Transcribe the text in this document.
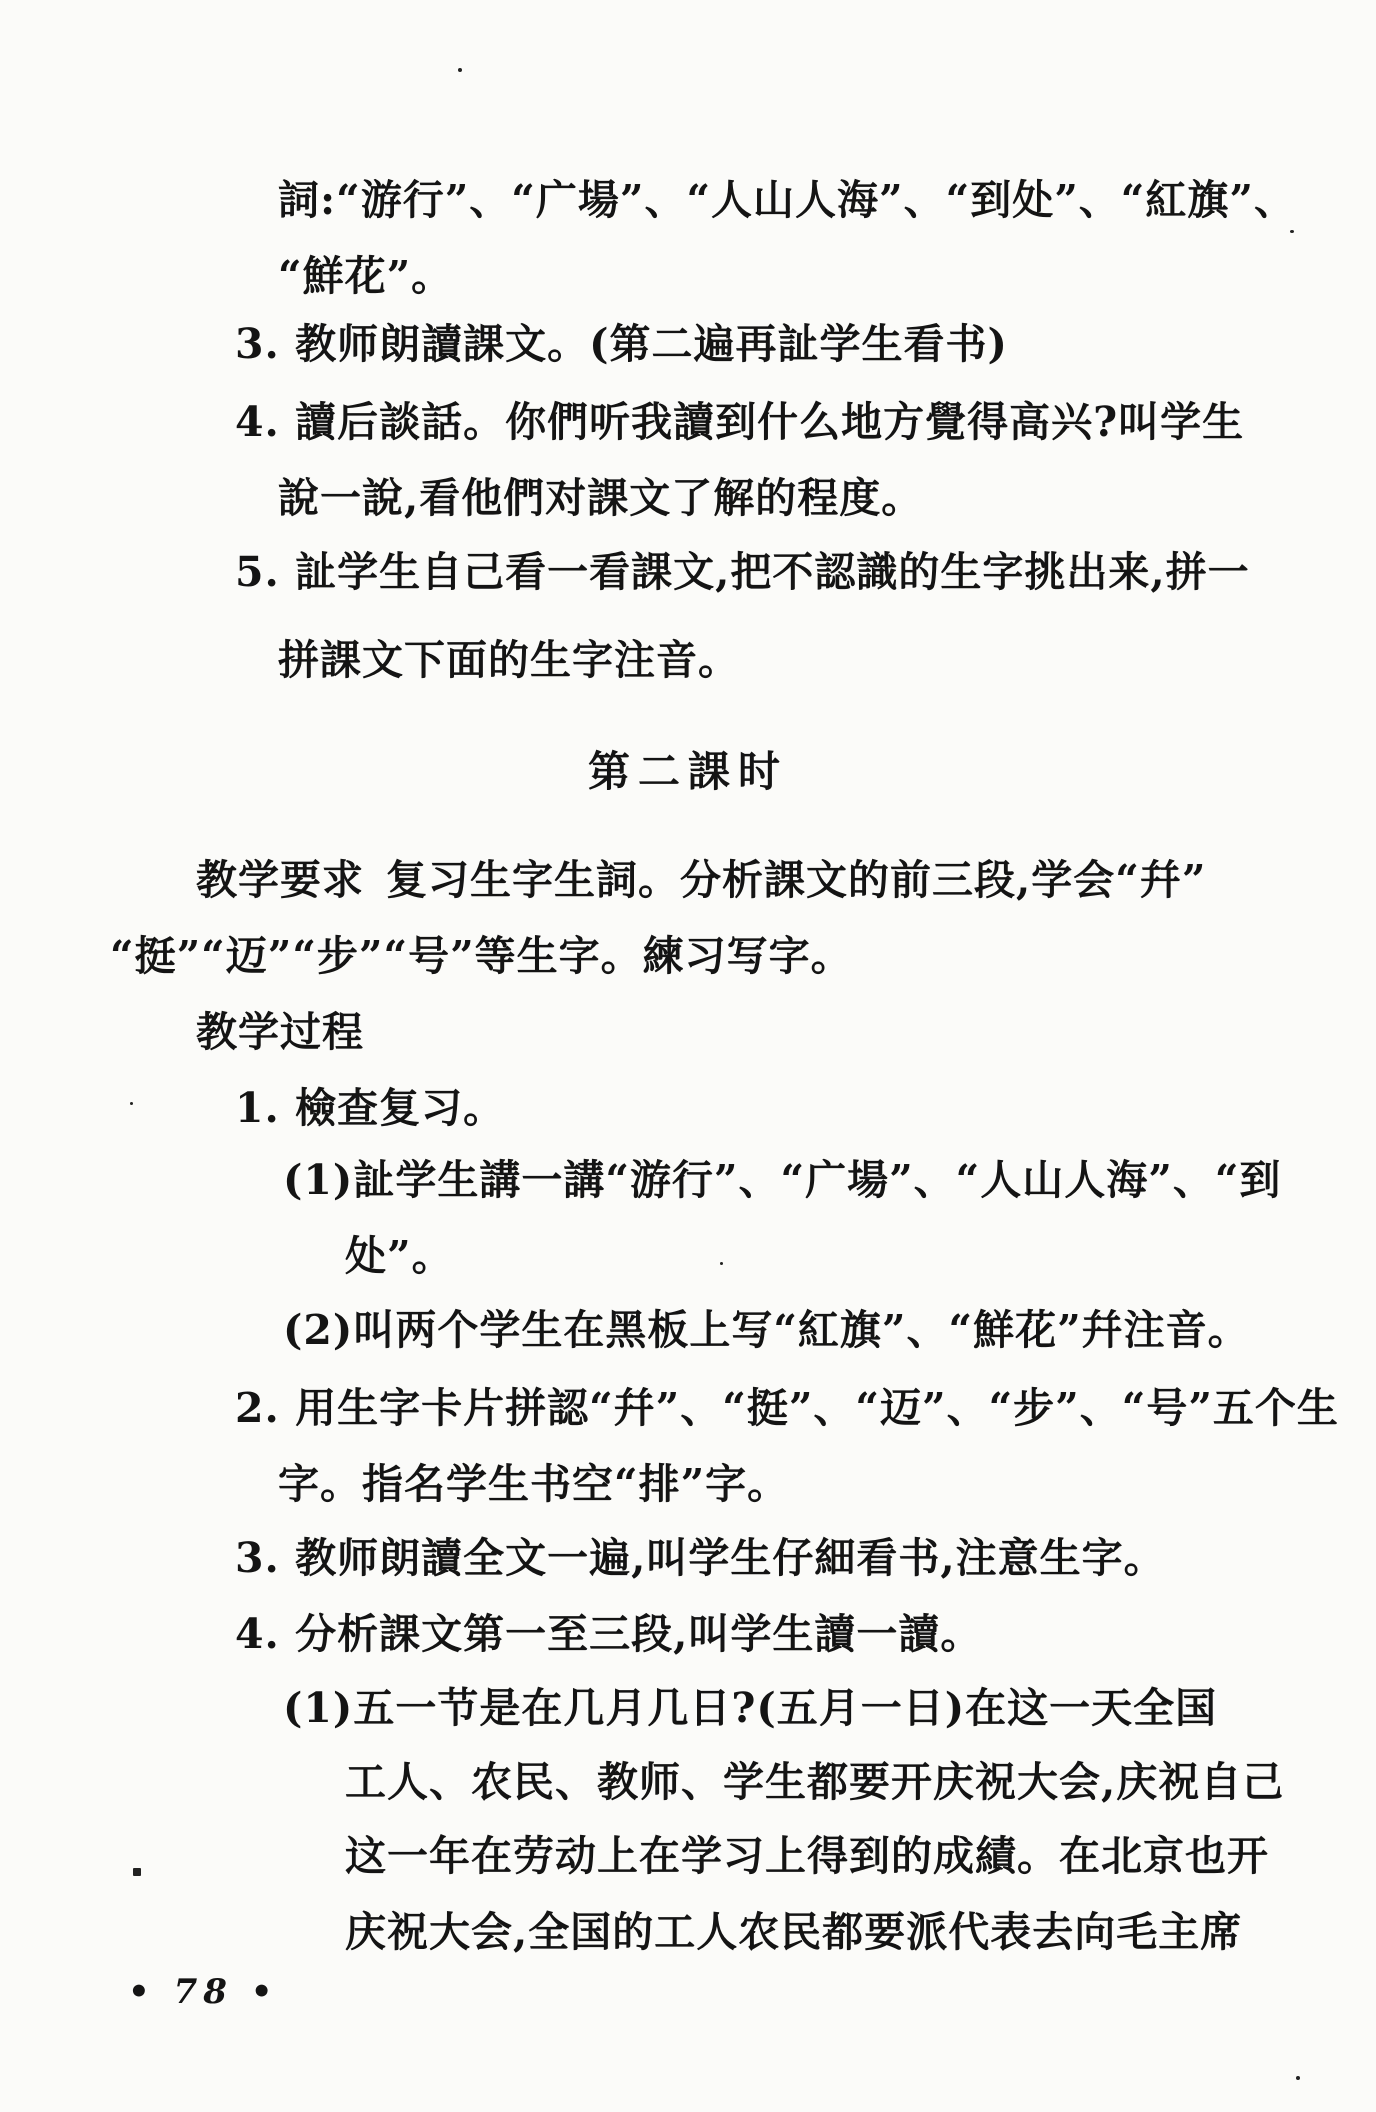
詞:“游行”、“广場”、“人山人海”、“到处”、“紅旗”、
“鮮花”。
3. 教师朗讀課文。(第二遍再訨学生看书)
4. 讀后談話。你們听我讀到什么地方覺得高兴?叫学生
說一說,看他們对課文了解的程度。
5. 訨学生自己看一看課文,把不認識的生字挑出来,拼一
拼課文下面的生字注音。
第二課时
教学要求 复习生字生詞。分析課文的前三段,学会“幷”
“挺”“迈”“步”“号”等生字。練习写字。
教学过程
1. 檢查复习。
(1)訨学生講一講“游行”、“广場”、“人山人海”、“到
处”。
(2)叫两个学生在黑板上写“紅旗”、“鮮花”幷注音。
2. 用生字卡片拼認“幷”、“挺”、“迈”、“步”、“号”五个生
字。指名学生书空“排”字。
3. 教师朗讀全文一遍,叫学生仔細看书,注意生字。
4. 分析課文第一至三段,叫学生讀一讀。
(1)五一节是在几月几日?(五月一日)在这一天全国
工人、农民、教师、学生都要开庆祝大会,庆祝自己
这一年在劳动上在学习上得到的成績。在北京也开
庆祝大会,全国的工人农民都要派代表去向毛主席
• 78 •
